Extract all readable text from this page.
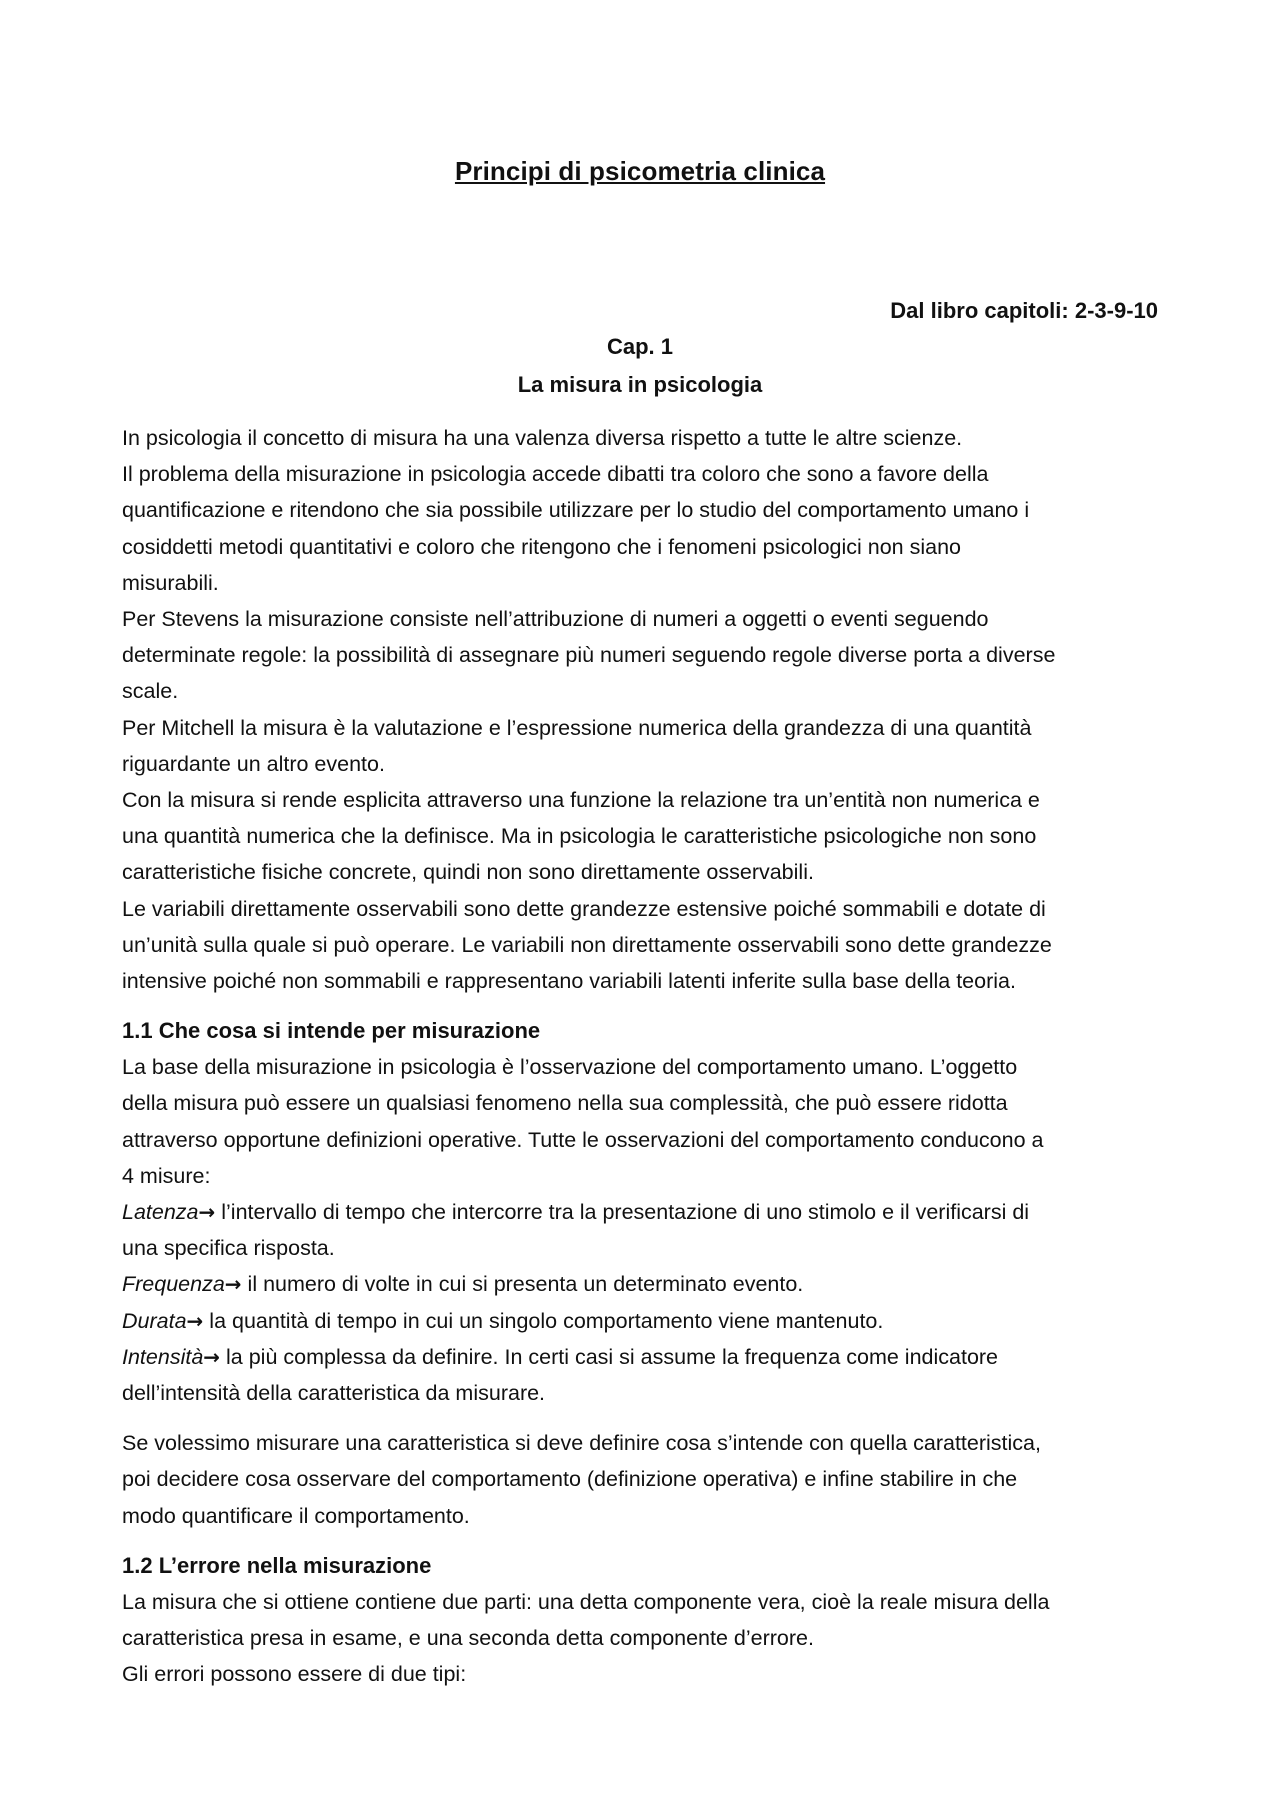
Principi di psicometria clinica
Dal libro capitoli: 2-3-9-10
Cap. 1
La misura in psicologia
In psicologia il concetto di misura ha una valenza diversa rispetto a tutte le altre scienze.
Il problema della misurazione in psicologia accede dibatti tra coloro che sono a favore della
quantificazione e ritendono che sia possibile utilizzare per lo studio del comportamento umano i
cosiddetti metodi quantitativi e coloro che ritengono che i fenomeni psicologici non siano
misurabili.
Per Stevens la misurazione consiste nell’attribuzione di numeri a oggetti o eventi seguendo
determinate regole: la possibilità di assegnare più numeri seguendo regole diverse porta a diverse
scale.
Per Mitchell la misura è la valutazione e l’espressione numerica della grandezza di una quantità
riguardante un altro evento.
Con la misura si rende esplicita attraverso una funzione la relazione tra un’entità non numerica e
una quantità numerica che la definisce. Ma in psicologia le caratteristiche psicologiche non sono
caratteristiche fisiche concrete, quindi non sono direttamente osservabili.
Le variabili direttamente osservabili sono dette grandezze estensive poiché sommabili e dotate di
un’unità sulla quale si può operare. Le variabili non direttamente osservabili sono dette grandezze
intensive poiché non sommabili e rappresentano variabili latenti inferite sulla base della teoria.
1.1 Che cosa si intende per misurazione
La base della misurazione in psicologia è l’osservazione del comportamento umano. L’oggetto
della misura può essere un qualsiasi fenomeno nella sua complessità, che può essere ridotta
attraverso opportune definizioni operative. Tutte le osservazioni del comportamento conducono a
4 misure:
Latenza→ l’intervallo di tempo che intercorre tra la presentazione di uno stimolo e il verificarsi di
una specifica risposta.
Frequenza→ il numero di volte in cui si presenta un determinato evento.
Durata→ la quantità di tempo in cui un singolo comportamento viene mantenuto.
Intensità→ la più complessa da definire. In certi casi si assume la frequenza come indicatore
dell’intensità della caratteristica da misurare.
Se volessimo misurare una caratteristica si deve definire cosa s’intende con quella caratteristica,
poi decidere cosa osservare del comportamento (definizione operativa) e infine stabilire in che
modo quantificare il comportamento.
1.2 L’errore nella misurazione
La misura che si ottiene contiene due parti: una detta componente vera, cioè la reale misura della
caratteristica presa in esame, e una seconda detta componente d’errore.
Gli errori possono essere di due tipi:
